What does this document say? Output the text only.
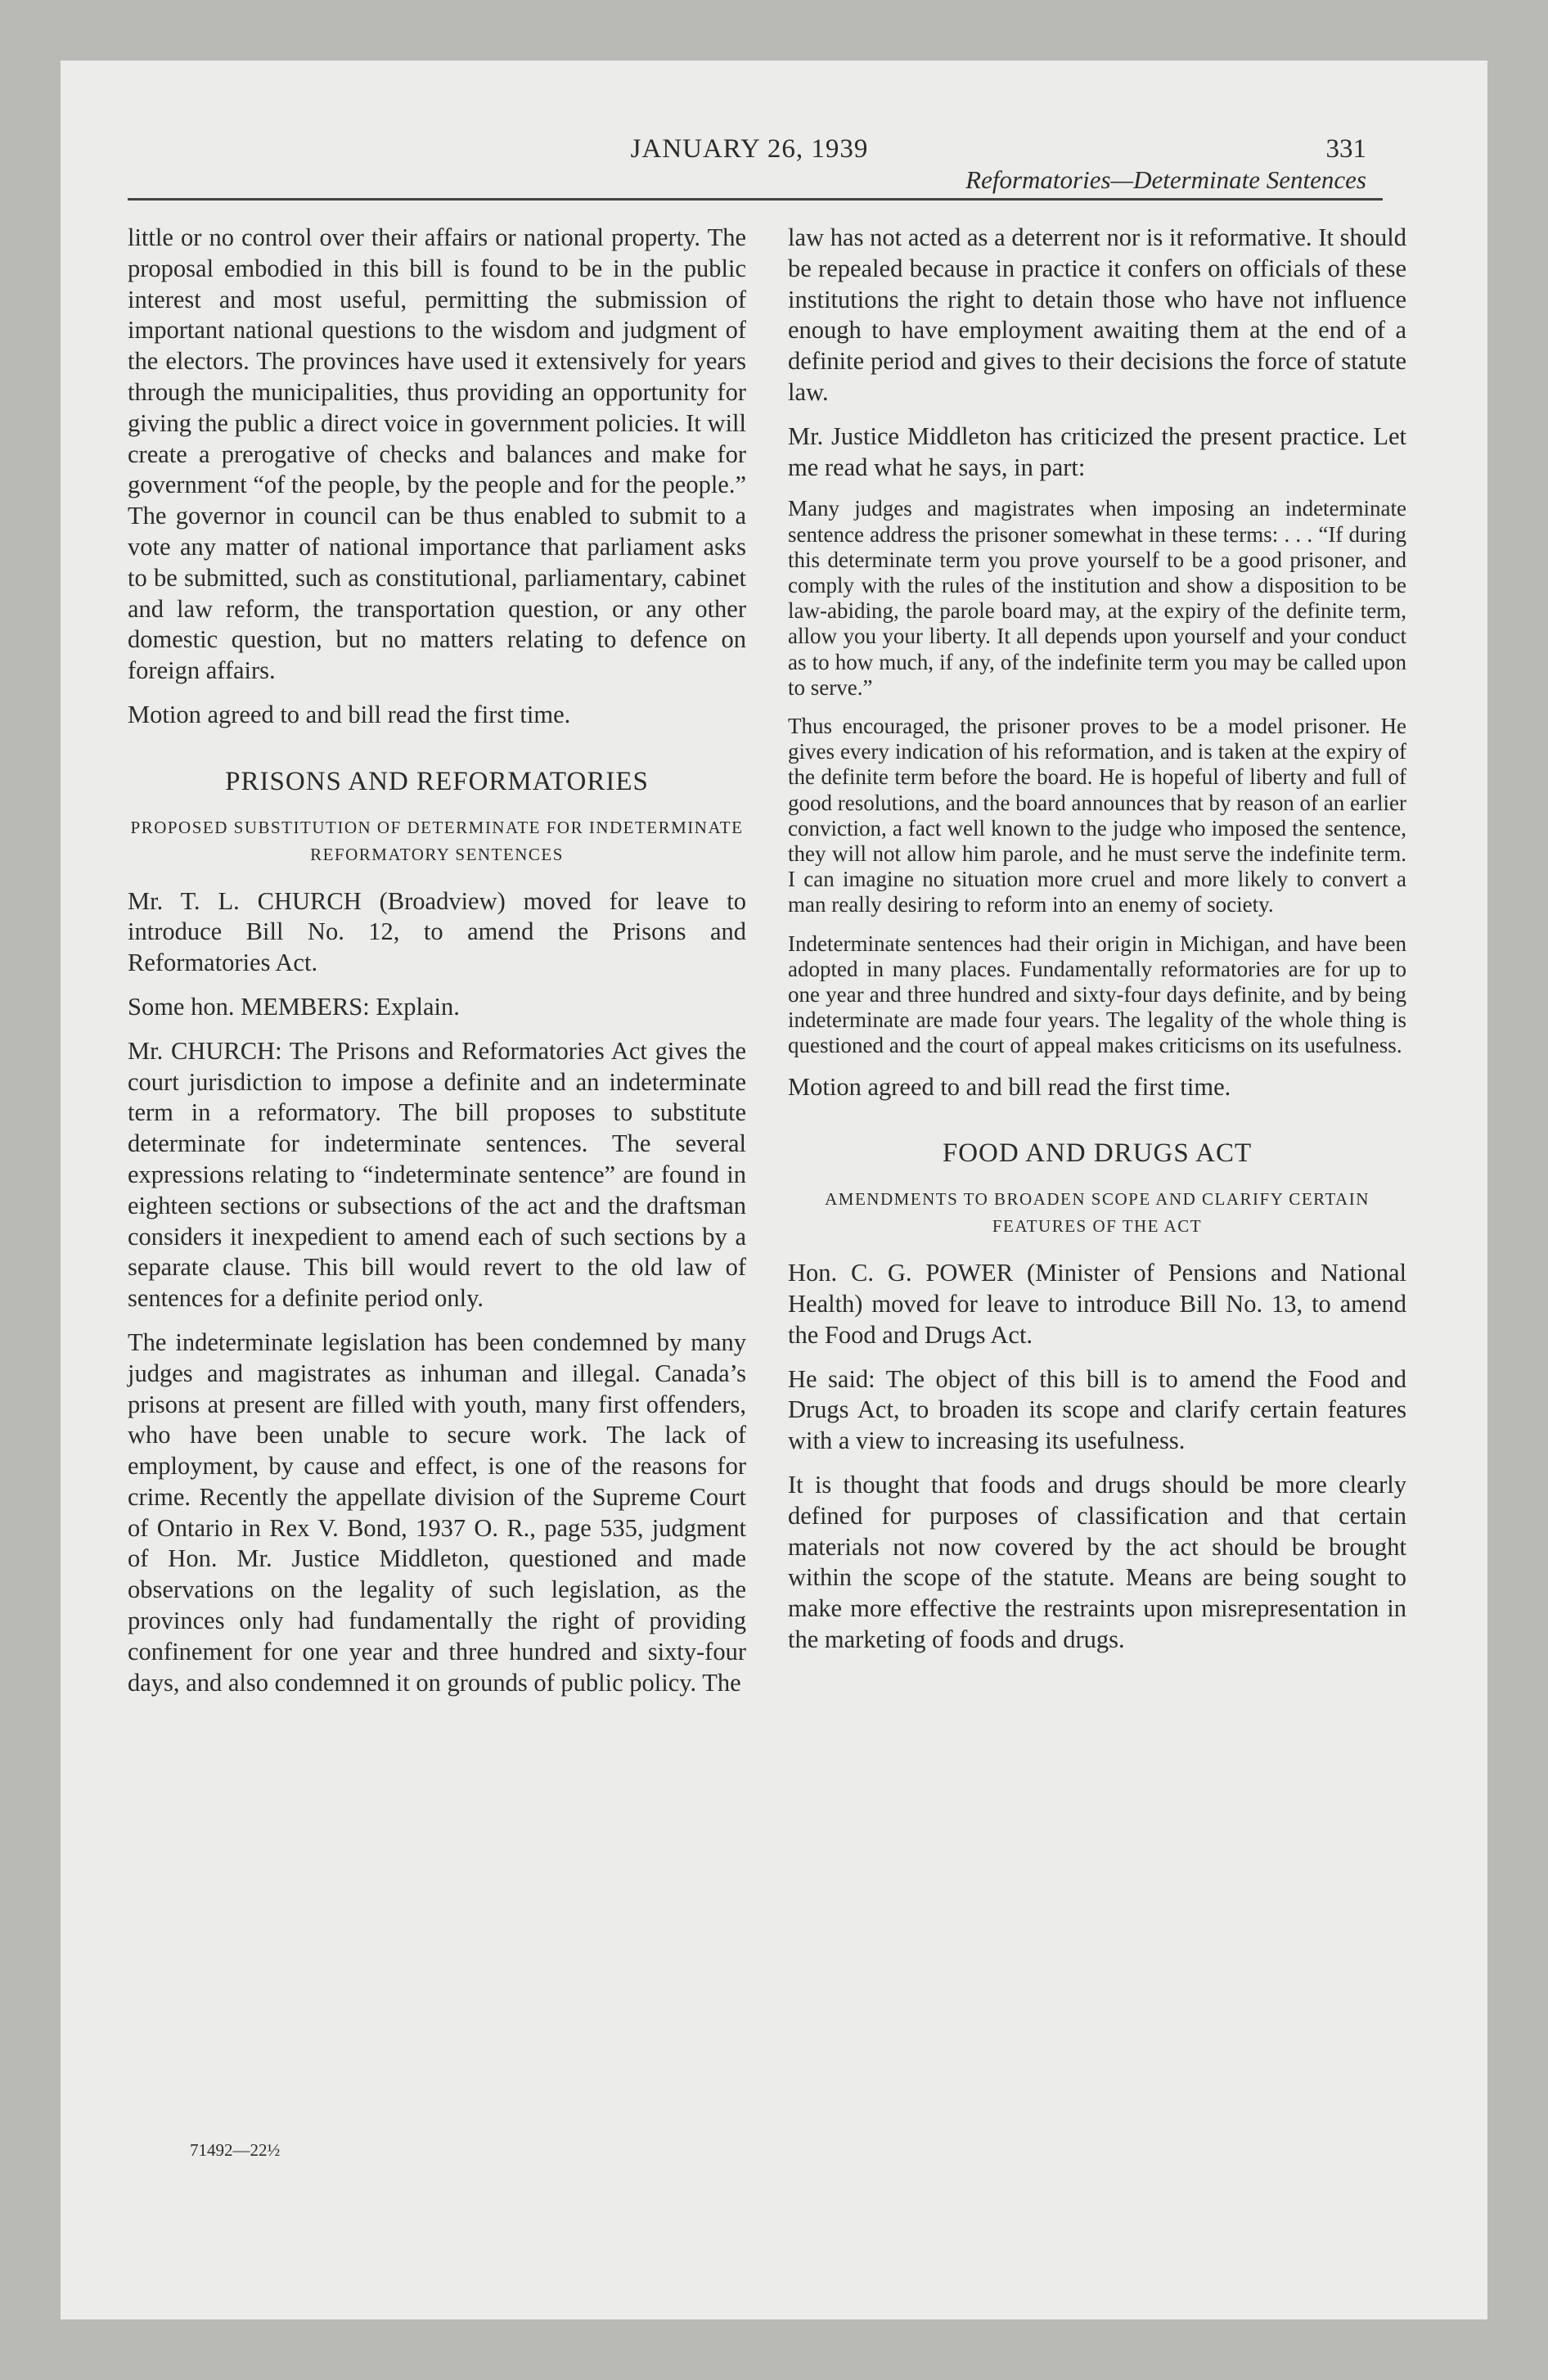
JANUARY 26, 1939	331
Reformatories—Determinate Sentences

little or no control over their affairs or national property. The proposal embodied in this bill is found to be in the public interest and most useful, permitting the submission of important national questions to the wisdom and judgment of the electors. The provinces have used it extensively for years through the municipalities, thus providing an opportunity for giving the public a direct voice in government policies. It will create a prerogative of checks and balances and make for government “of the people, by the people and for the people.” The governor in council can be thus enabled to submit to a vote any matter of national importance that parliament asks to be submitted, such as constitutional, parliamentary, cabinet and law reform, the transportation question, or any other domestic question, but no matters relating to defence on foreign affairs.

Motion agreed to and bill read the first time.

PRISONS AND REFORMATORIES
PROPOSED SUBSTITUTION OF DETERMINATE FOR INDETERMINATE REFORMATORY SENTENCES

Mr. T. L. CHURCH (Broadview) moved for leave to introduce Bill No. 12, to amend the Prisons and Reformatories Act.

Some hon. MEMBERS: Explain.

Mr. CHURCH: The Prisons and Reformatories Act gives the court jurisdiction to impose a definite and an indeterminate term in a reformatory. The bill proposes to substitute determinate for indeterminate sentences. The several expressions relating to “indeterminate sentence” are found in eighteen sections or subsections of the act and the draftsman considers it inexpedient to amend each of such sections by a separate clause. This bill would revert to the old law of sentences for a definite period only.

The indeterminate legislation has been condemned by many judges and magistrates as inhuman and illegal. Canada’s prisons at present are filled with youth, many first offenders, who have been unable to secure work. The lack of employment, by cause and effect, is one of the reasons for crime. Recently the appellate division of the Supreme Court of Ontario in Rex V. Bond, 1937 O. R., page 535, judgment of Hon. Mr. Justice Middleton, questioned and made observations on the legality of such legislation, as the provinces only had fundamentally the right of providing confinement for one year and three hundred and sixty-four days, and also condemned it on grounds of public policy. The

law has not acted as a deterrent nor is it reformative. It should be repealed because in practice it confers on officials of these institutions the right to detain those who have not influence enough to have employment awaiting them at the end of a definite period and gives to their decisions the force of statute law.

Mr. Justice Middleton has criticized the present practice. Let me read what he says, in part:

Many judges and magistrates when imposing an indeterminate sentence address the prisoner somewhat in these terms: . . . “If during this determinate term you prove yourself to be a good prisoner, and comply with the rules of the institution and show a disposition to be law-abiding, the parole board may, at the expiry of the definite term, allow you your liberty. It all depends upon yourself and your conduct as to how much, if any, of the indefinite term you may be called upon to serve.”

Thus encouraged, the prisoner proves to be a model prisoner. He gives every indication of his reformation, and is taken at the expiry of the definite term before the board. He is hopeful of liberty and full of good resolutions, and the board announces that by reason of an earlier conviction, a fact well known to the judge who imposed the sentence, they will not allow him parole, and he must serve the indefinite term. I can imagine no situation more cruel and more likely to convert a man really desiring to reform into an enemy of society.

Indeterminate sentences had their origin in Michigan, and have been adopted in many places. Fundamentally reformatories are for up to one year and three hundred and sixty-four days definite, and by being indeterminate are made four years. The legality of the whole thing is questioned and the court of appeal makes criticisms on its usefulness.

Motion agreed to and bill read the first time.

FOOD AND DRUGS ACT
AMENDMENTS TO BROADEN SCOPE AND CLARIFY CERTAIN FEATURES OF THE ACT

Hon. C. G. POWER (Minister of Pensions and National Health) moved for leave to introduce Bill No. 13, to amend the Food and Drugs Act.

He said: The object of this bill is to amend the Food and Drugs Act, to broaden its scope and clarify certain features with a view to increasing its usefulness.

It is thought that foods and drugs should be more clearly defined for purposes of classification and that certain materials not now covered by the act should be brought within the scope of the statute. Means are being sought to make more effective the restraints upon misrepresentation in the marketing of foods and drugs.

71492—22½
